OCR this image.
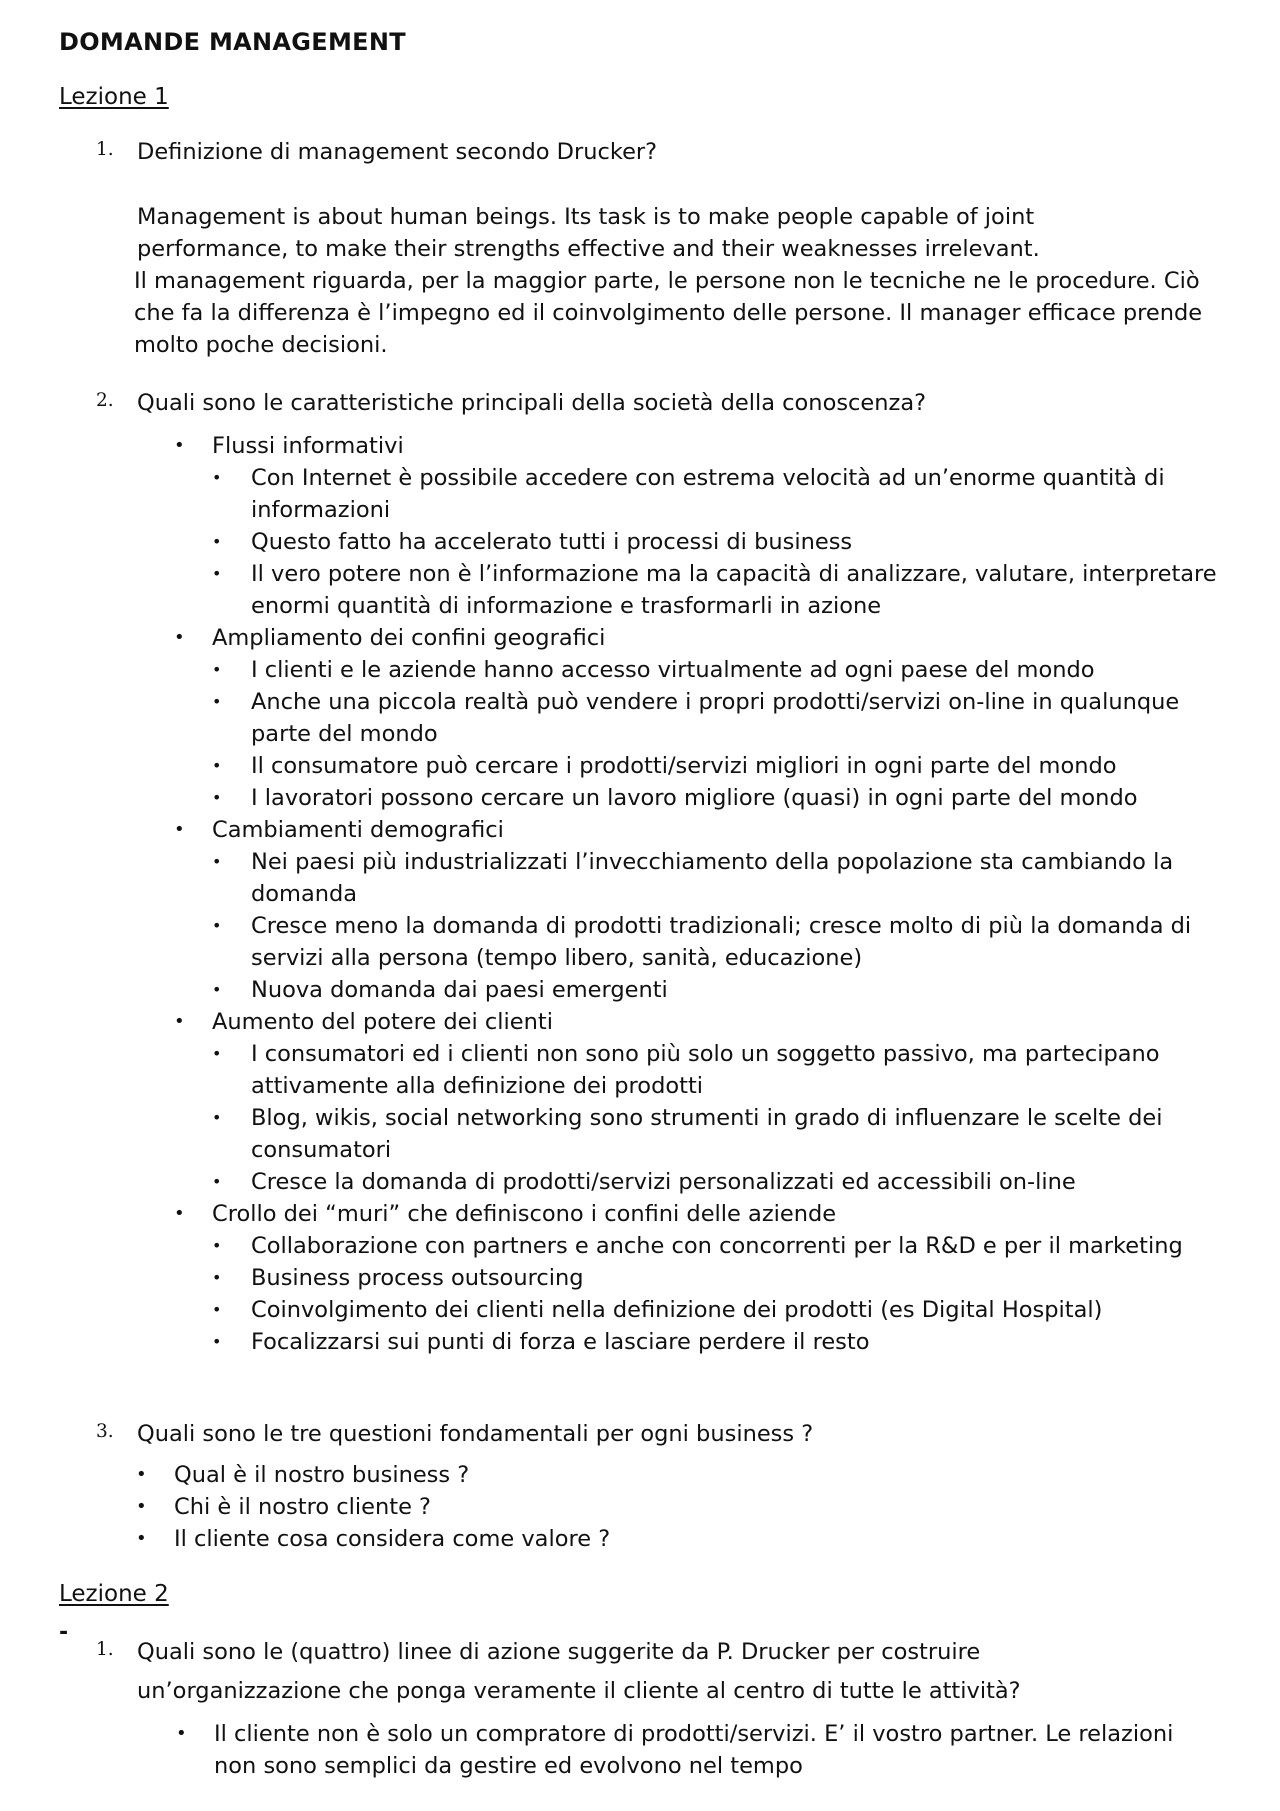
DOMANDE MANAGEMENT
Lezione 1
1. Definizione di management secondo Drucker?
Management is about human beings. Its task is to make people capable of joint performance, to make their strengths effective and their weaknesses irrelevant.
Il management riguarda, per la maggior parte, le persone non le tecniche ne le procedure. Ciò che fa la differenza è l’impegno ed il coinvolgimento delle persone. Il manager efficace prende molto poche decisioni.
2. Quali sono le caratteristiche principali della società della conoscenza?
• Flussi informativi
• Con Internet è possibile accedere con estrema velocità ad un’enorme quantità di informazioni
• Questo fatto ha accelerato tutti i processi di business
• Il vero potere non è l’informazione ma la capacità di analizzare, valutare, interpretare enormi quantità di informazione e trasformarli in azione
• Ampliamento dei confini geografici
• I clienti e le aziende hanno accesso virtualmente ad ogni paese del mondo
• Anche una piccola realtà può vendere i propri prodotti/servizi on-line in qualunque parte del mondo
• Il consumatore può cercare i prodotti/servizi migliori in ogni parte del mondo
• I lavoratori possono cercare un lavoro migliore (quasi) in ogni parte del mondo
• Cambiamenti demografici
• Nei paesi più industrializzati l’invecchiamento della popolazione sta cambiando la domanda
• Cresce meno la domanda di prodotti tradizionali; cresce molto di più la domanda di servizi alla persona (tempo libero, sanità, educazione)
• Nuova domanda dai paesi emergenti
• Aumento del potere dei clienti
• I consumatori ed i clienti non sono più solo un soggetto passivo, ma partecipano attivamente alla definizione dei prodotti
• Blog, wikis, social networking sono strumenti in grado di influenzare le scelte dei consumatori
• Cresce la domanda di prodotti/servizi personalizzati ed accessibili on-line
• Crollo dei “muri” che definiscono i confini delle aziende
• Collaborazione con partners e anche con concorrenti per la R&D e per il marketing
• Business process outsourcing
• Coinvolgimento dei clienti nella definizione dei prodotti (es Digital Hospital)
• Focalizzarsi sui punti di forza e lasciare perdere il resto
3. Quali sono le tre questioni fondamentali per ogni business ?
• Qual è il nostro business ?
• Chi è il nostro cliente ?
• Il cliente cosa considera come valore ?
Lezione 2
-
1. Quali sono le (quattro) linee di azione suggerite da P. Drucker per costruire
un’organizzazione che ponga veramente il cliente al centro di tutte le attività?
• Il cliente non è solo un compratore di prodotti/servizi. E’ il vostro partner. Le relazioni non sono semplici da gestire ed evolvono nel tempo
